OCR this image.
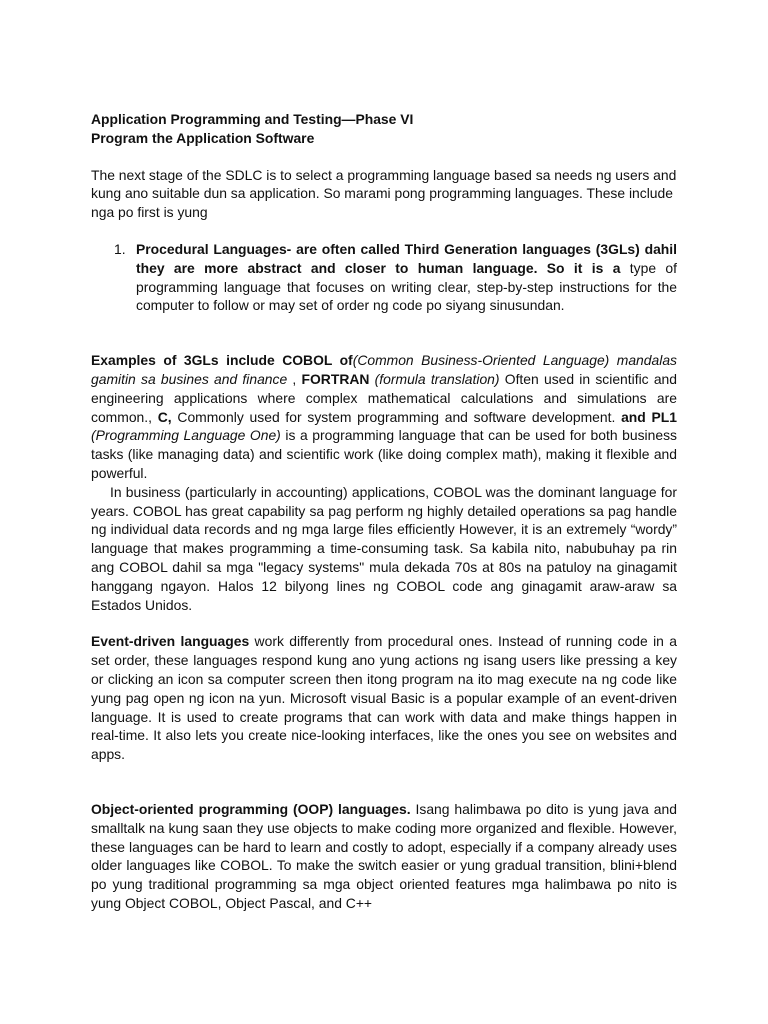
Application Programming and Testing—Phase VI

Program the Application Software

The next stage of the SDLC is to select a programming language based sa needs ng users and kung ano suitable dun sa application. So marami pong programming languages. These include nga po first is yung

1. Procedural Languages- are often called Third Generation languages (3GLs) dahil they are more abstract and closer to human language. So it is a type of programming language that focuses on writing clear, step-by-step instructions for the computer to follow or may set of order ng code po siyang sinusundan.

Examples of 3GLs include COBOL of(Common Business-Oriented Language) mandalas gamitin sa busines and finance , FORTRAN (formula translation) Often used in scientific and engineering applications where complex mathematical calculations and simulations are common., C, Commonly used for system programming and software development. and PL1 (Programming Language One) is a programming language that can be used for both business tasks (like managing data) and scientific work (like doing complex math), making it flexible and powerful.

In business (particularly in accounting) applications, COBOL was the dominant language for years. COBOL has great capability sa pag perform ng highly detailed operations sa pag handle ng individual data records and ng mga large files efficiently However, it is an extremely “wordy” language that makes programming a time-consuming task. Sa kabila nito, nabubuhay pa rin ang COBOL dahil sa mga "legacy systems" mula dekada 70s at 80s na patuloy na ginagamit hanggang ngayon. Halos 12 bilyong lines ng COBOL code ang ginagamit araw-araw sa Estados Unidos.

Event-driven languages work differently from procedural ones. Instead of running code in a set order, these languages respond kung ano yung actions ng isang users like pressing a key or clicking an icon sa computer screen then itong program na ito mag execute na ng code like yung pag open ng icon na yun. Microsoft visual Basic is a popular example of an event-driven language. It is used to create programs that can work with data and make things happen in real-time. It also lets you create nice-looking interfaces, like the ones you see on websites and apps.

Object-oriented programming (OOP) languages. Isang halimbawa po dito is yung java and smalltalk na kung saan they use objects to make coding more organized and flexible. However, these languages can be hard to learn and costly to adopt, especially if a company already uses older languages like COBOL. To make the switch easier or yung gradual transition, blini+blend po yung traditional programming sa mga object oriented features mga halimbawa po nito is yung Object COBOL, Object Pascal, and C++
